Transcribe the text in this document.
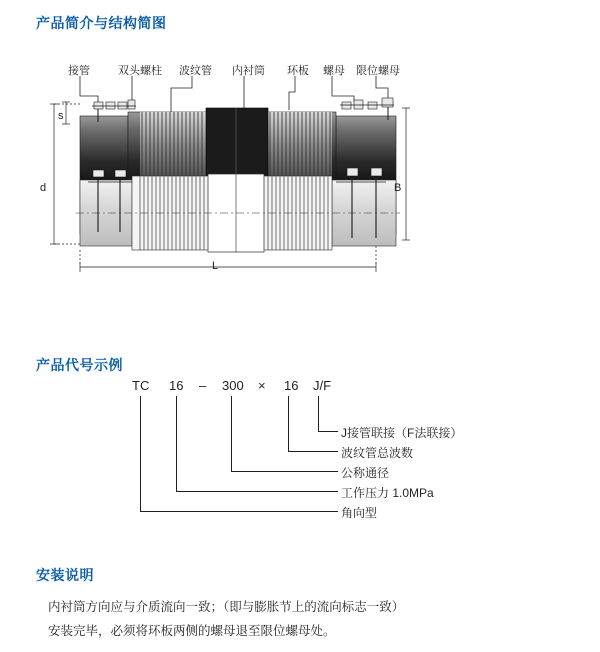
产品简介与结构简图
产品代号示例
安装说明
接管	双头螺柱 波纹管 内衬筒 环板 螺母 限位螺母
s
d	B
L
TC 16 – 300 × 16 J/F
J接管联接（F法联接）
波纹管总波数
公称通径
工作压力 1.0MPa
角向型

内衬筒方向应与介质流向一致；（即与膨胀节上的流向标志一致）

安装完毕，必须将环板两侧的螺母退至限位螺母处。
